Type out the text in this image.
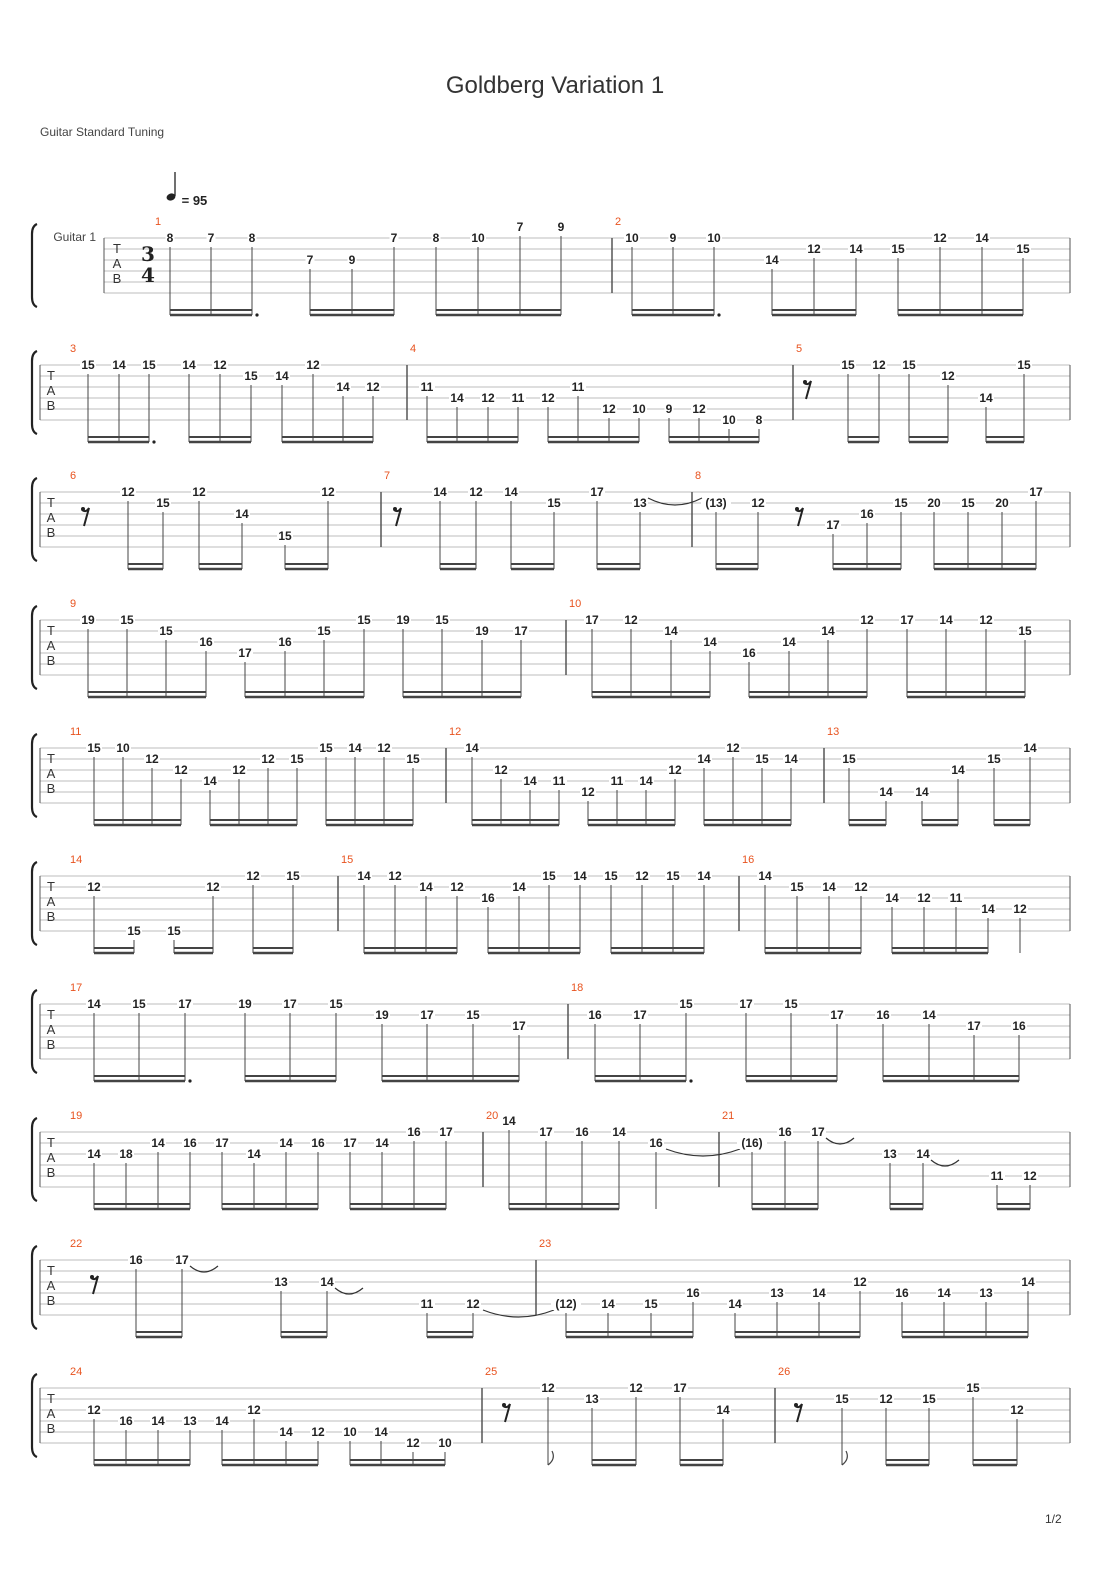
Goldberg Variation 1
Guitar Standard Tuning
= 95
T
A
B
Guitar 1
3
4
1
8	7	8
7	9
7	8	10
7	9	2
10	9	10
14
12 14 15
12 14
15
T
A
B
3
15 14 15 14 12
15 14
12
14 12
4
11
14 12 11 12
11
12 10 9 12
10 8
5
15 12 15
12
14
15
T
A
B
6
12
15
12
14
15
12
7
14 12 14
15
17
13
8
(13) 12
17
16
15 20 15 20
17
T
A
B
9
19 15
15
16
17
16
15
15 19 15
19 17
10
17 12
14
14
16
14
14
12 17 14 12
15
T
A
B
11
15 10
12
12
14
12
12 15
15 14 12
15
12
14
12
14 11
12
11 14
12
14
12
15 14
13
15
14 14
14
15
14
T
A
B
14
12
15 15
12
12 15
15
14 12
14 12
16
14
15 14 15 12 15 14
16
14
15 14 12
14 12 11
14 12
T
A
B
17
14	15	17	19	17	15
19	17	15
17
18
16	17
15	17	15
17	16	14
17	16
T
A
B
19
14 18
14 16 17
14
14 16 17 14
16 17
20 14
17 16 14
16
21
(16)
16 17
13 14
11 12
T
A
B
22
16	17
13	14
11	12
23
(12) 14 15
16
14
13 14
12
16 14 13
14
T
A
B
24
12
16 14 13 14
12
14 12 10 14
12 10
25
12
13
12	17
14
26
15	12 15
15
12
1/2
